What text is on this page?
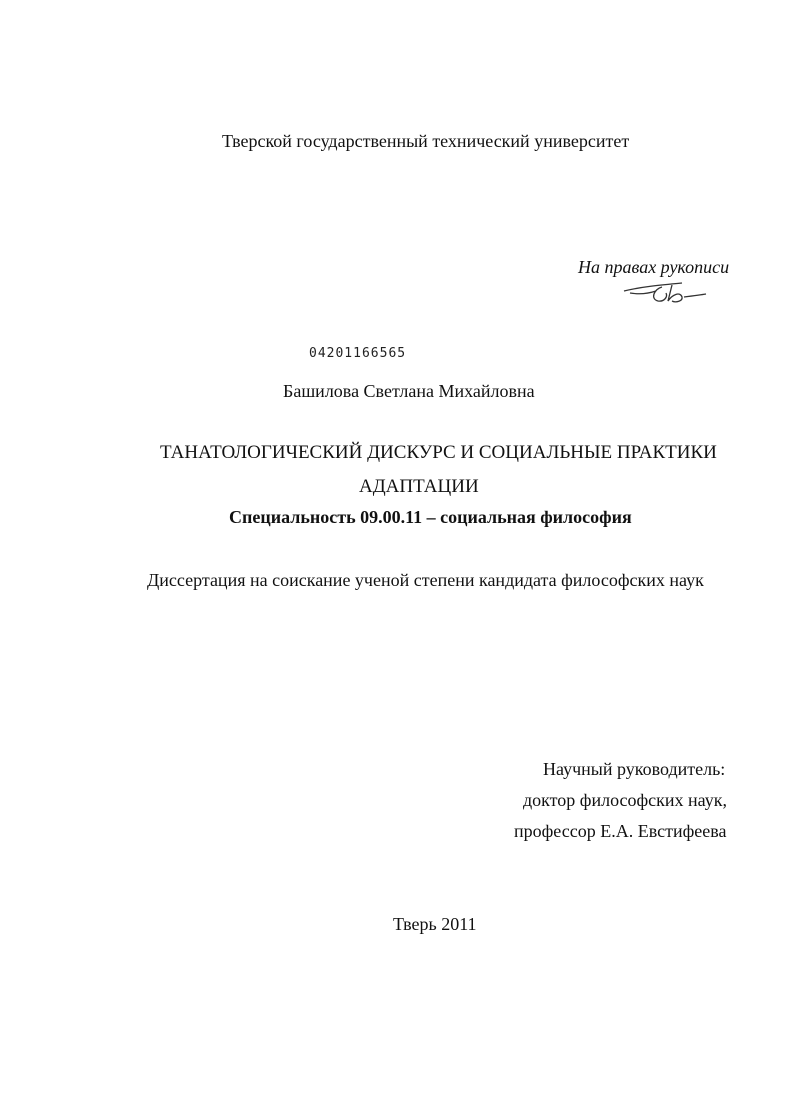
Тверской государственный технический университет
На правах рукописи
04201166565
Башилова Светлана Михайловна
ТАНАТОЛОГИЧЕСКИЙ ДИСКУРС И СОЦИАЛЬНЫЕ ПРАКТИКИ
АДАПТАЦИИ
Специальность 09.00.11 – социальная философия
Диссертация на соискание ученой степени кандидата философских наук
Научный руководитель:
доктор философских наук,
профессор Е.А. Евстифеева
Тверь 2011
